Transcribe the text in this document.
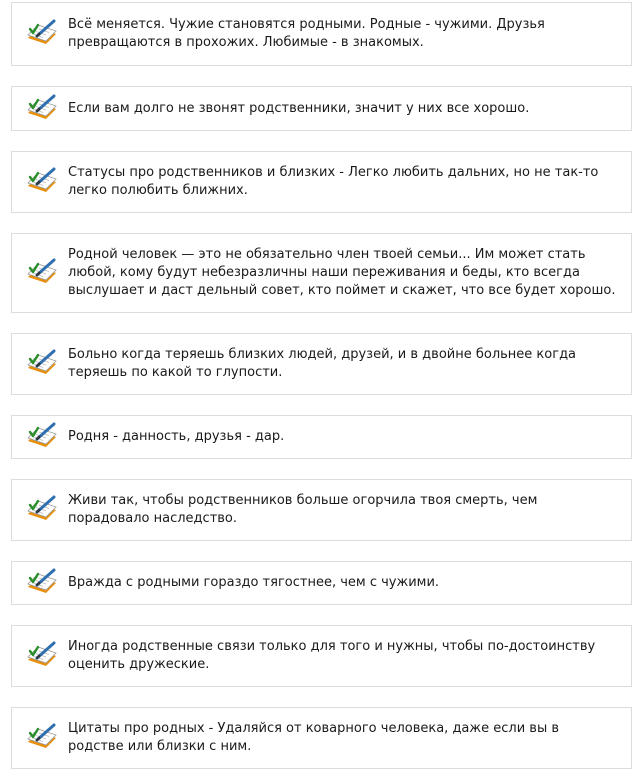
Всё меняется. Чужие становятся родными. Родные - чужими. Друзья превращаются в прохожих. Любимые - в знакомых.

Если вам долго не звонят родственники, значит у них все хорошо.

Статусы про родственников и близких - Легко любить дальних, но не так-то легко полюбить ближних.

Родной человек — это не обязательно член твоей семьи... Им может стать любой, кому будут небезразличны наши переживания и беды, кто всегда выслушает и даст дельный совет, кто поймет и скажет, что все будет хорошо.

Больно когда теряешь близких людей, друзей, и в двойне больнее когда теряешь по какой то глупости.

Родня - данность, друзья - дар.

Живи так, чтобы родственников больше огорчила твоя смерть, чем порадовало наследство.

Вражда с родными гораздо тягостнее, чем с чужими.

Иногда родственные связи только для того и нужны, чтобы по-достоинству оценить дружеские.

Цитаты про родных - Удаляйся от коварного человека, даже если вы в родстве или близки с ним.
